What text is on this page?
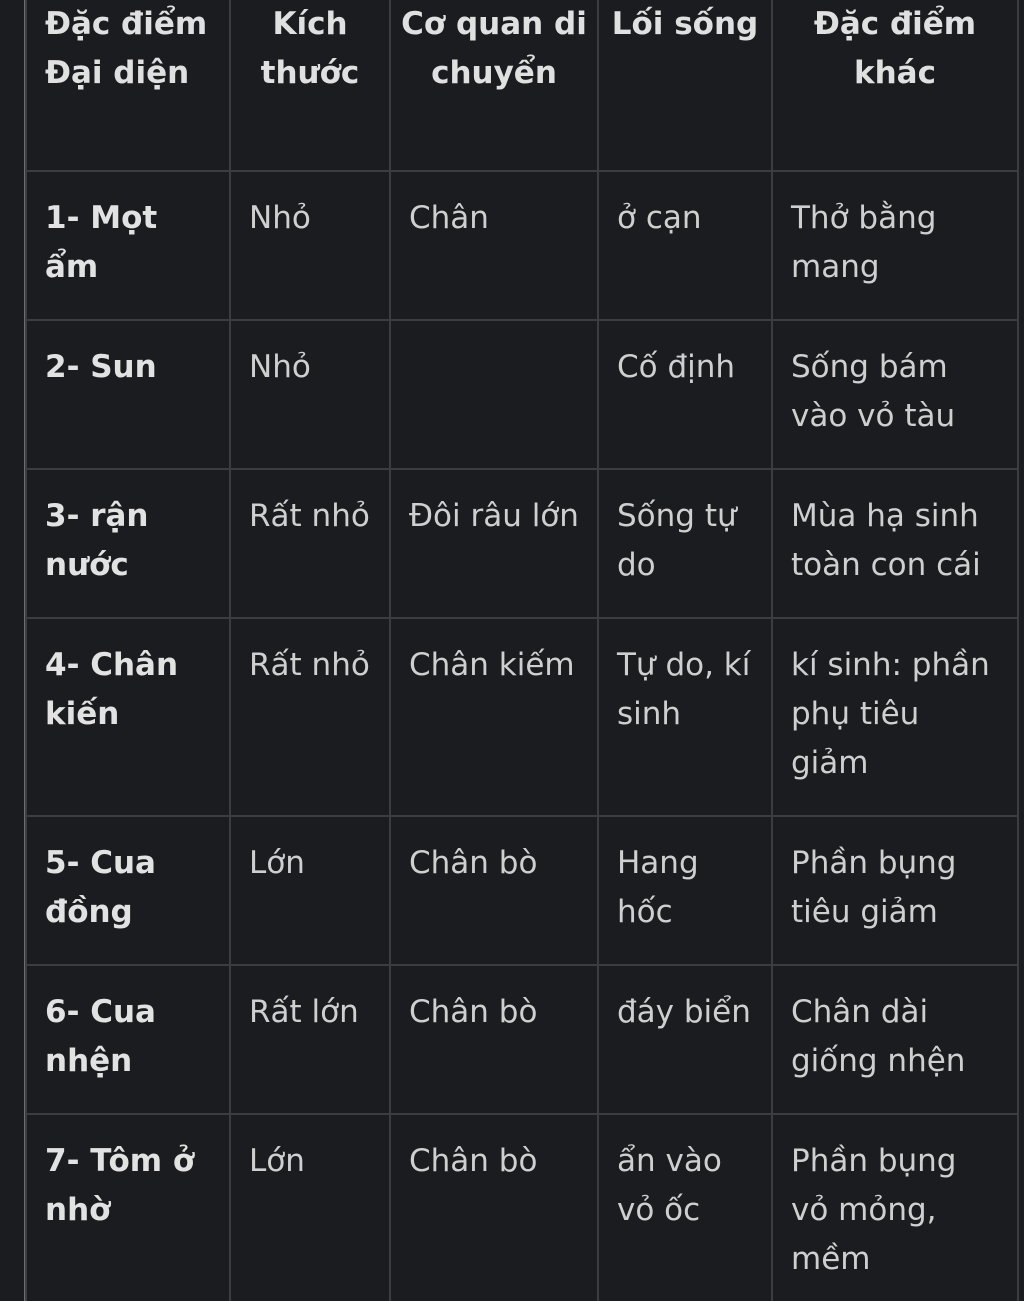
Đặc điểm Đại diện	Kích thước	Cơ quan di chuyển	Lối sống	Đặc điểm khác
1- Mọt ẩm	Nhỏ	Chân	ở cạn	Thở bằng mang
2- Sun	Nhỏ		Cố định	Sống bám vào vỏ tàu
3- rận nước	Rất nhỏ	Đôi râu lớn	Sống tự do	Mùa hạ sinh toàn con cái
4- Chân kiến	Rất nhỏ	Chân kiếm	Tự do, kí sinh	kí sinh: phần phụ tiêu giảm
5- Cua đồng	Lớn	Chân bò	Hang hốc	Phần bụng tiêu giảm
6- Cua nhện	Rất lớn	Chân bò	đáy biển	Chân dài giống nhện
7- Tôm ở nhờ	Lớn	Chân bò	ẩn vào vỏ ốc	Phần bụng vỏ mỏng, mềm
